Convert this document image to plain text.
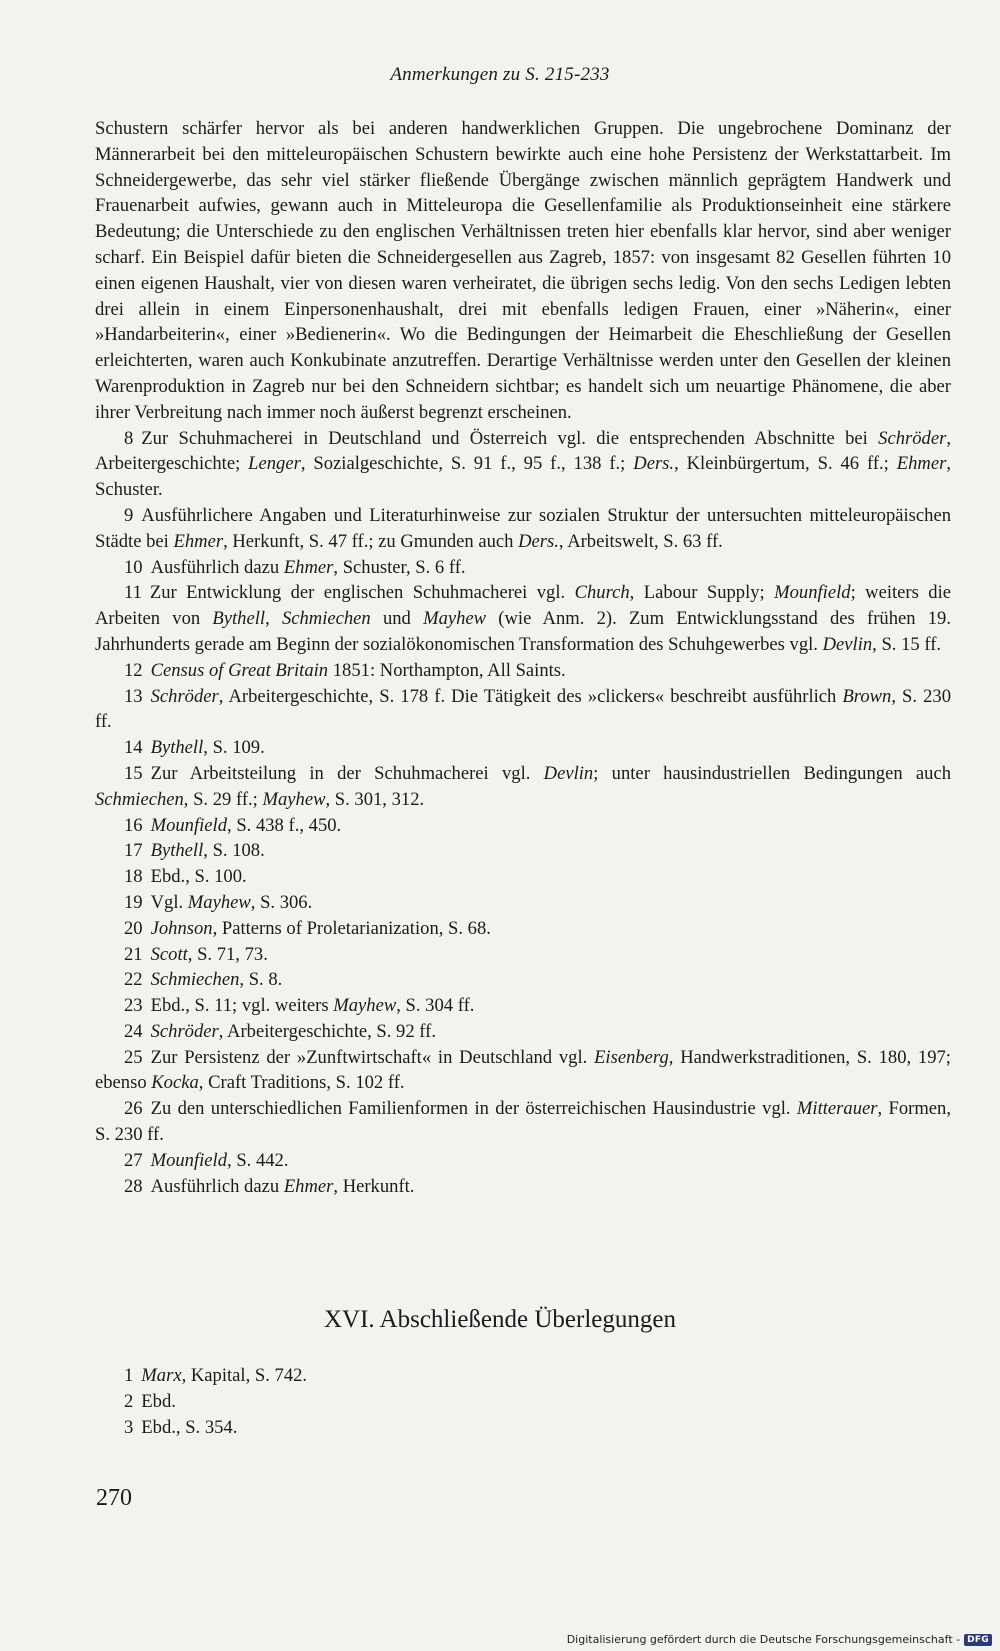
Anmerkungen zu S. 215-233

Schustern schärfer hervor als bei anderen handwerklichen Gruppen. Die ungebrochene Dominanz der Männerarbeit bei den mitteleuropäischen Schustern bewirkte auch eine hohe Persistenz der Werkstattarbeit. Im Schneidergewerbe, das sehr viel stärker fließende Übergänge zwischen männlich geprägtem Handwerk und Frauenarbeit aufwies, gewann auch in Mitteleuropa die Gesellenfamilie als Produktionseinheit eine stärkere Bedeutung; die Unterschiede zu den englischen Verhältnissen treten hier ebenfalls klar hervor, sind aber weniger scharf. Ein Beispiel dafür bieten die Schneidergesellen aus Zagreb, 1857: von insgesamt 82 Gesellen führten 10 einen eigenen Haushalt, vier von diesen waren verheiratet, die übrigen sechs ledig. Von den sechs Ledigen lebten drei allein in einem Einpersonenhaushalt, drei mit ebenfalls ledigen Frauen, einer »Näherin«, einer »Handarbeiterin«, einer »Bedienerin«. Wo die Bedingungen der Heimarbeit die Eheschließung der Gesellen erleichterten, waren auch Konkubinate anzutreffen. Derartige Verhältnisse werden unter den Gesellen der kleinen Warenproduktion in Zagreb nur bei den Schneidern sichtbar; es handelt sich um neuartige Phänomene, die aber ihrer Verbreitung nach immer noch äußerst begrenzt erscheinen.

8 Zur Schuhmacherei in Deutschland und Österreich vgl. die entsprechenden Abschnitte bei Schröder, Arbeitergeschichte; Lenger, Sozialgeschichte, S. 91 f., 95 f., 138 f.; Ders., Kleinbürgertum, S. 46 ff.; Ehmer, Schuster.

9 Ausführlichere Angaben und Literaturhinweise zur sozialen Struktur der untersuchten mitteleuropäischen Städte bei Ehmer, Herkunft, S. 47 ff.; zu Gmunden auch Ders., Arbeitswelt, S. 63 ff.

10 Ausführlich dazu Ehmer, Schuster, S. 6 ff.

11 Zur Entwicklung der englischen Schuhmacherei vgl. Church, Labour Supply; Mounfield; weiters die Arbeiten von Bythell, Schmiechen und Mayhew (wie Anm. 2). Zum Entwicklungsstand des frühen 19. Jahrhunderts gerade am Beginn der sozialökonomischen Transformation des Schuhgewerbes vgl. Devlin, S. 15 ff.

12 Census of Great Britain 1851: Northampton, All Saints.

13 Schröder, Arbeitergeschichte, S. 178 f. Die Tätigkeit des »clickers« beschreibt ausführlich Brown, S. 230 ff.

14 Bythell, S. 109.

15 Zur Arbeitsteilung in der Schuhmacherei vgl. Devlin; unter hausindustriellen Bedingungen auch Schmiechen, S. 29 ff.; Mayhew, S. 301, 312.

16 Mounfield, S. 438 f., 450.

17 Bythell, S. 108.

18 Ebd., S. 100.

19 Vgl. Mayhew, S. 306.

20 Johnson, Patterns of Proletarianization, S. 68.

21 Scott, S. 71, 73.

22 Schmiechen, S. 8.

23 Ebd., S. 11; vgl. weiters Mayhew, S. 304 ff.

24 Schröder, Arbeitergeschichte, S. 92 ff.

25 Zur Persistenz der »Zunftwirtschaft« in Deutschland vgl. Eisenberg, Handwerkstraditionen, S. 180, 197; ebenso Kocka, Craft Traditions, S. 102 ff.

26 Zu den unterschiedlichen Familienformen in der österreichischen Hausindustrie vgl. Mitterauer, Formen, S. 230 ff.

27 Mounfield, S. 442.

28 Ausführlich dazu Ehmer, Herkunft.

XVI. Abschließende Überlegungen

1 Marx, Kapital, S. 742.

2 Ebd.

3 Ebd., S. 354.

270
Digitalisierung gefördert durch die Deutsche Forschungsgemeinschaft - DFG
